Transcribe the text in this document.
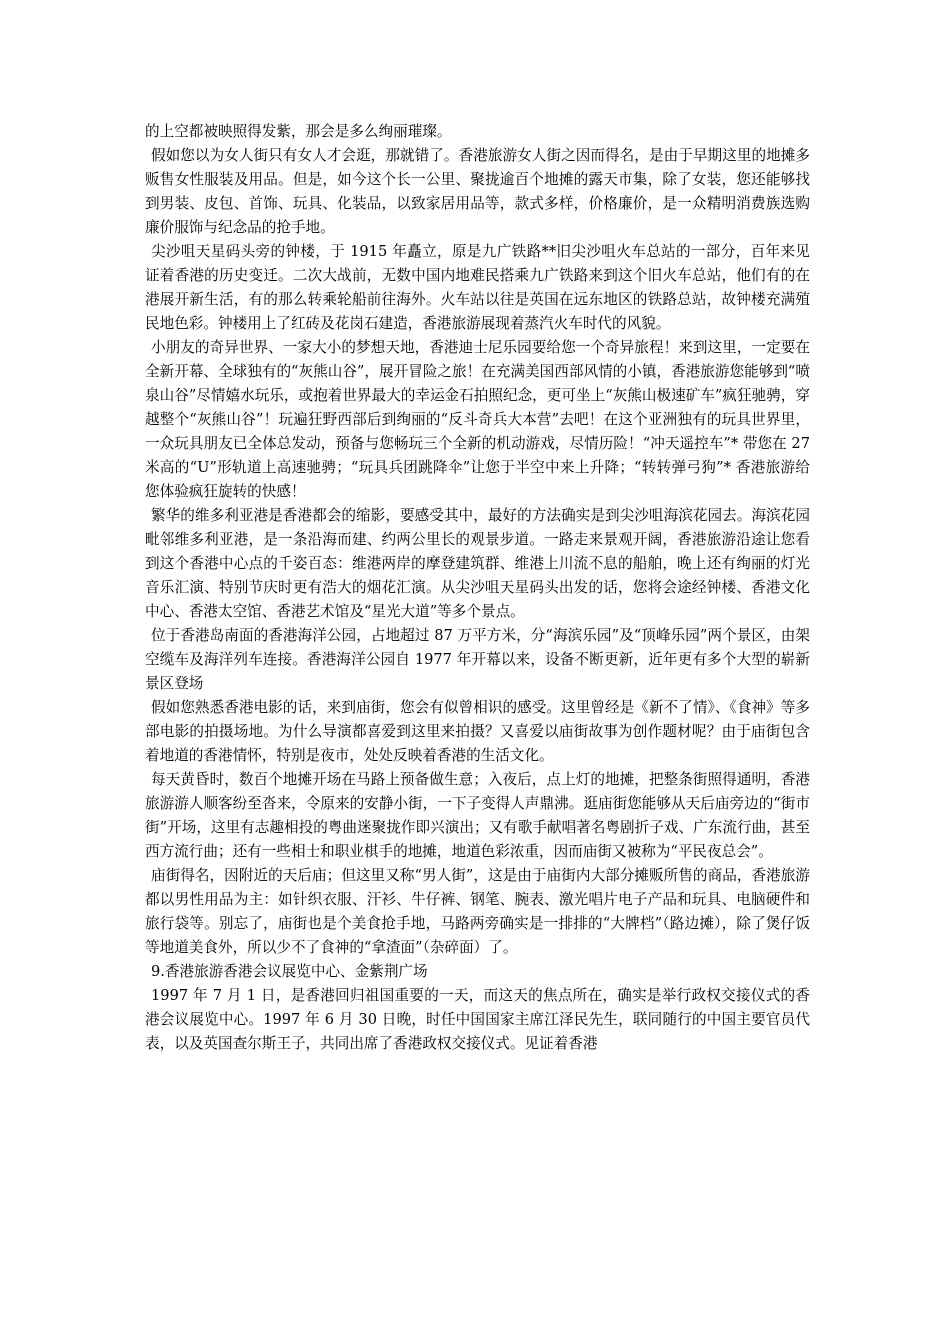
的上空都被映照得发紫，那会是多么绚丽璀璨。

假如您以为女人街只有女人才会逛，那就错了。香港旅游女人街之因而得名，是由于早期这里的地摊多贩售女性服装及用品。但是，如今这个长一公里、聚拢逾百个地摊的露天市集，除了女装，您还能够找到男装、皮包、首饰、玩具、化装品，以致家居用品等，款式多样，价格廉价，是一众精明消费族选购廉价服饰与纪念品的抢手地。

尖沙咀天星码头旁的钟楼，于 1915 年矗立，原是九广铁路**旧尖沙咀火车总站的一部分，百年来见证着香港的历史变迁。二次大战前，无数中国内地难民搭乘九广铁路来到这个旧火车总站，他们有的在港展开新生活，有的那么转乘轮船前往海外。火车站以往是英国在远东地区的铁路总站，故钟楼充满殖民地色彩。钟楼用上了红砖及花岗石建造，香港旅游展现着蒸汽火车时代的风貌。

小朋友的奇异世界、一家大小的梦想天地，香港迪士尼乐园要给您一个奇异旅程！来到这里，一定要在全新开幕、全球独有的“灰熊山谷”，展开冒险之旅！在充满美国西部风情的小镇，香港旅游您能够到“喷泉山谷”尽情嬉水玩乐，或抱着世界最大的幸运金石拍照纪念，更可坐上“灰熊山极速矿车”疯狂驰骋，穿越整个“灰熊山谷”！玩遍狂野西部后到绚丽的“反斗奇兵大本营”去吧！在这个亚洲独有的玩具世界里，一众玩具朋友已全体总发动，预备与您畅玩三个全新的机动游戏，尽情历险！“冲天遥控车”* 带您在 27 米高的“U”形轨道上高速驰骋；“玩具兵团跳降伞”让您于半空中来上升降；“转转弹弓狗”* 香港旅游给您体验疯狂旋转的快感！

繁华的维多利亚港是香港都会的缩影，要感受其中，最好的方法确实是到尖沙咀海滨花园去。海滨花园毗邻维多利亚港，是一条沿海而建、约两公里长的观景步道。一路走来景观开阔，香港旅游沿途让您看到这个香港中心点的千姿百态：维港两岸的摩登建筑群、维港上川流不息的船舶，晚上还有绚丽的灯光音乐汇演、特别节庆时更有浩大的烟花汇演。从尖沙咀天星码头出发的话，您将会途经钟楼、香港文化中心、香港太空馆、香港艺术馆及“星光大道”等多个景点。

位于香港岛南面的香港海洋公园，占地超过 87 万平方米，分“海滨乐园”及“顶峰乐园”两个景区，由架空缆车及海洋列车连接。香港海洋公园自 1977 年开幕以来，设备不断更新，近年更有多个大型的崭新景区登场

假如您熟悉香港电影的话，来到庙街，您会有似曾相识的感受。这里曾经是《新不了情》、《食神》等多部电影的拍摄场地。为什么导演都喜爱到这里来拍摄？又喜爱以庙街故事为创作题材呢？由于庙街包含着地道的香港情怀，特别是夜市，处处反映着香港的生活文化。

每天黄昏时，数百个地摊开场在马路上预备做生意；入夜后，点上灯的地摊，把整条街照得通明，香港旅游游人顺客纷至沓来，令原来的安静小街，一下子变得人声鼎沸。逛庙街您能够从天后庙旁边的“街市街”开场，这里有志趣相投的粤曲迷聚拢作即兴演出；又有歌手献唱著名粤剧折子戏、广东流行曲，甚至西方流行曲；还有一些相士和职业棋手的地摊，地道色彩浓重，因而庙街又被称为“平民夜总会”。

庙街得名，因附近的天后庙；但这里又称“男人街”，这是由于庙街内大部分摊贩所售的商品，香港旅游都以男性用品为主：如针织衣服、汗衫、牛仔裤、钢笔、腕表、激光唱片电子产品和玩具、电脑硬件和旅行袋等。别忘了，庙街也是个美食抢手地，马路两旁确实是一排排的“大牌档”（路边摊），除了煲仔饭等地道美食外，所以少不了食神的“拿渣面”（杂碎面）了。

9.香港旅游香港会议展览中心、金紫荆广场

1997 年 7 月 1 日，是香港回归祖国重要的一天，而这天的焦点所在，确实是举行政权交接仪式的香港会议展览中心。1997 年 6 月 30 日晚，时任中国国家主席江泽民先生，联同随行的中国主要官员代表，以及英国查尔斯王子，共同出席了香港政权交接仪式。见证着香港
